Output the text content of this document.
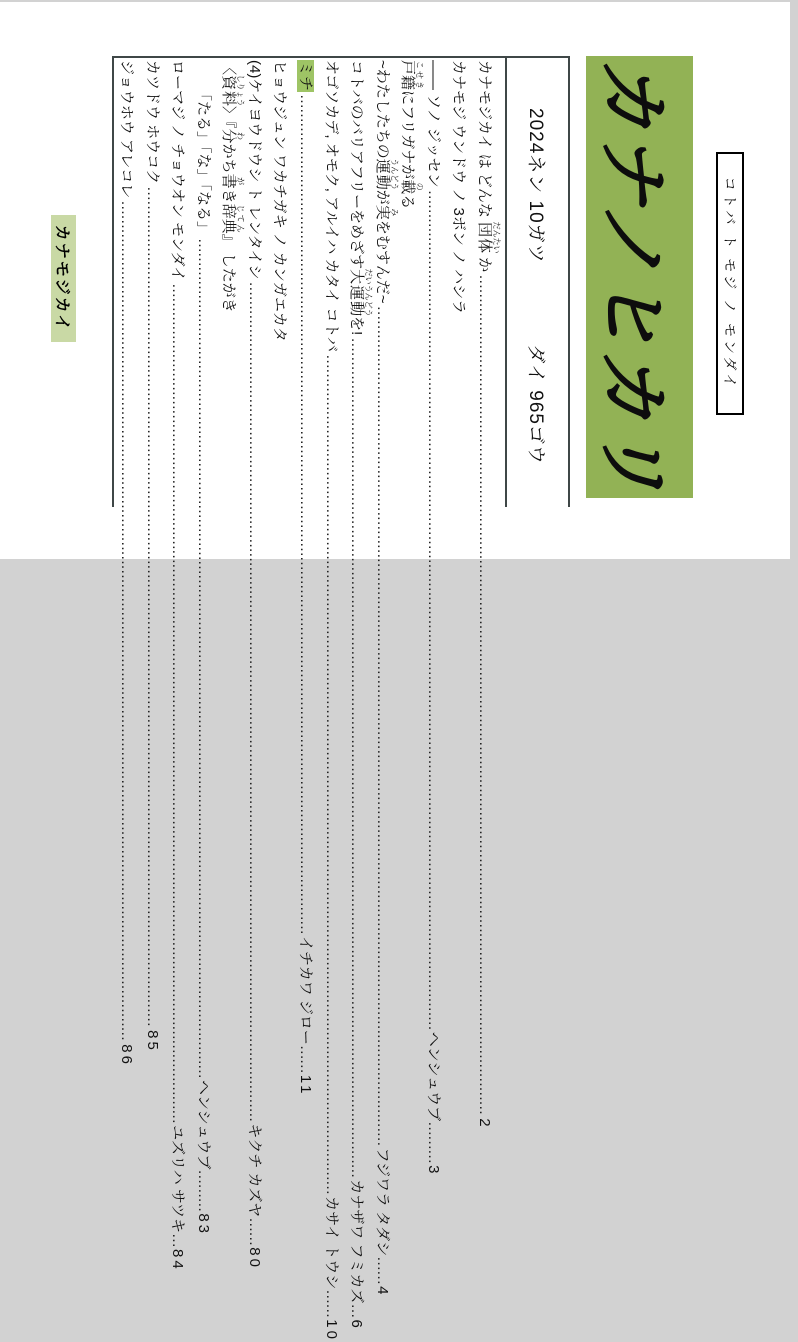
コトバ ト モジ ノ モンダイ
カナノヒカリ
2024ネン 10ガツ
ダイ 965ゴウ
カナモジカイ は どんな 団体 だんたい か
………………………………………………………………………………………………………………………………………………………………
2
カナモジ ウンドウ ノ 3ボン ノ ハシラ
―― ソノ ジッセン
………………………………………………………………………………………………………………………………………………………………
ヘンシュウブ
………
3
戸籍 こせきにフリガナが載 のる
~わたしたちの運動 うんどうが実 みをむすんだ~
………………………………………………………………………………………………………………………………………………………………
フジワラ タダシ
……
4
コトバのバリアフリーをめざす大運動 だいうんどうを!
………………………………………………………………………………………………………………………………………………………………
カナザワ フミカズ
…
6
オゴソカデ, オモク, アルイハ カタイ コトバ
………………………………………………………………………………………………………………………………………………………………
カサイ トウシ
……
10
ミチ
………………………………………………………………………………………………………………………………………………………………
イチカワ ジロー
……
11
ヒョウジュン ワカチガキ ノ カンガエカタ
(4)ケイヨウドウシ ト レンタイシ
………………………………………………………………………………………………………………………………………………………………
キクチ カズヤ
……
80
〈資料 しりょう〉『分 わかち書 がき辞典 じてん』 したがき
「たる」「な」「なる」
………………………………………………………………………………………………………………………………………………………………
ヘンシュウブ
………
83
ローマジ ノ チョウオン モンダイ
………………………………………………………………………………………………………………………………………………………………
ユズリハ サツキ
…
84
カツドウ ホウコク
………………………………………………………………………………………………………………………………………………………………
85
ジョウホウ アレコレ
………………………………………………………………………………………………………………………………………………………………
86
カナモジカイ
